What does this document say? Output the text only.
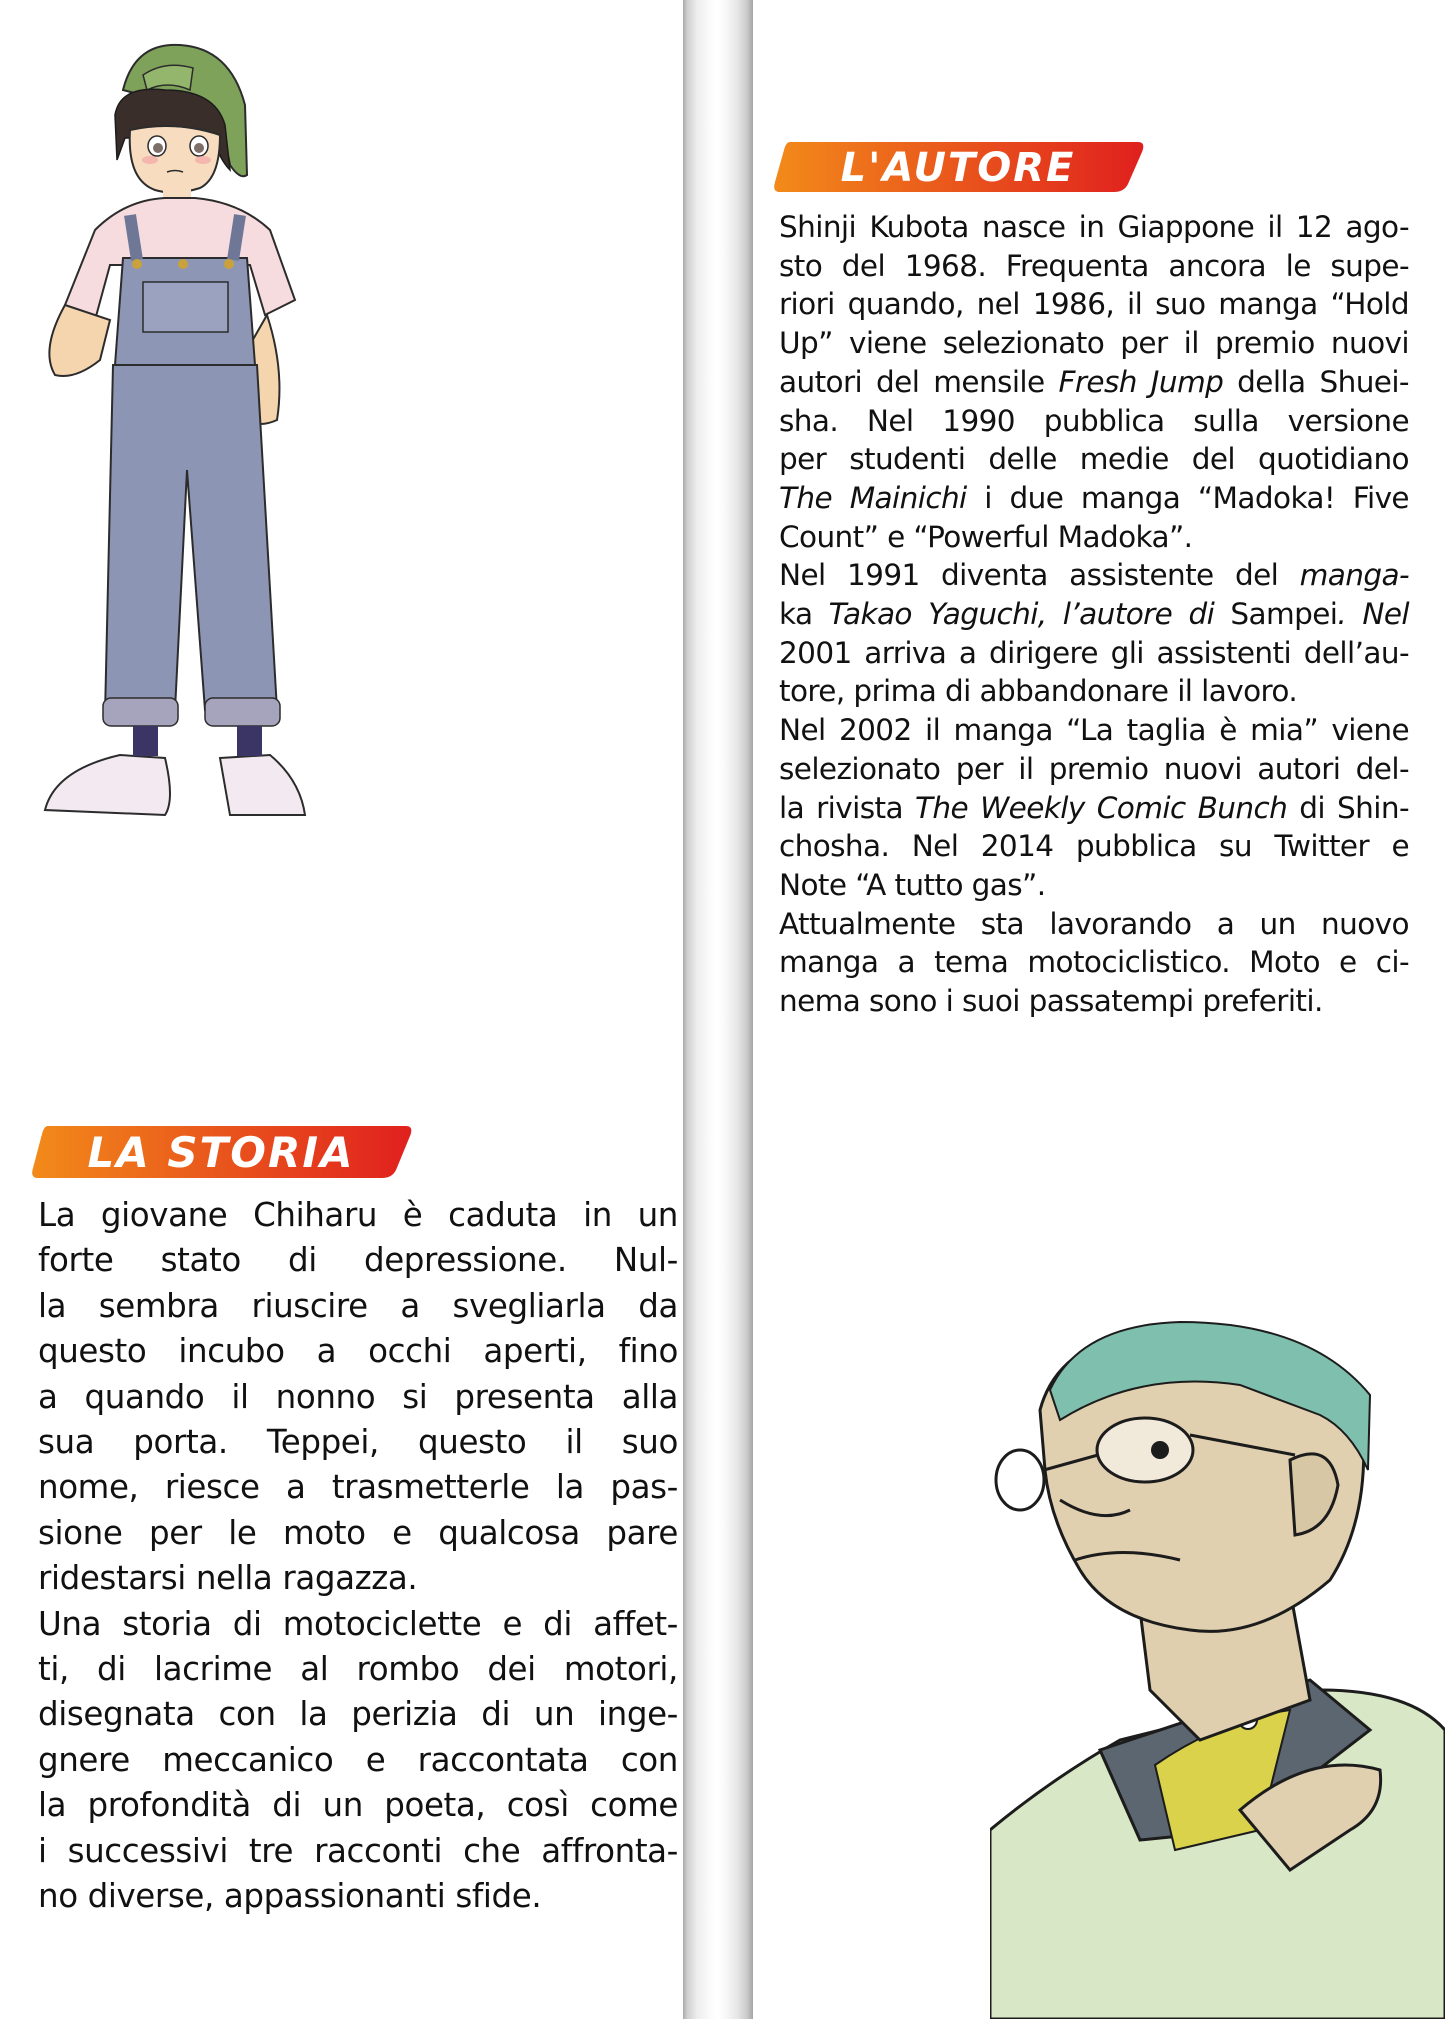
LA STORIA
La giovane Chiharu è caduta in un
forte stato di depressione. Nul-
la sembra riuscire a svegliarla da
questo incubo a occhi aperti, fino
a quando il nonno si presenta alla
sua porta. Teppei, questo il suo
nome, riesce a trasmetterle la pas-
sione per le moto e qualcosa pare
ridestarsi nella ragazza.
Una storia di motociclette e di affet-
ti, di lacrime al rombo dei motori,
disegnata con la perizia di un inge-
gnere meccanico e raccontata con
la profondità di un poeta, così come
i successivi tre racconti che affronta-
no diverse, appassionanti sfide.
L'AUTORE
Shinji Kubota nasce in Giappone il 12 ago-
sto del 1968. Frequenta ancora le supe-
riori quando, nel 1986, il suo manga “Hold
Up” viene selezionato per il premio nuovi
autori del mensile Fresh Jump della Shuei-
sha. Nel 1990 pubblica sulla versione
per studenti delle medie del quotidiano
The Mainichi i due manga “Madoka! Five
Count” e “Powerful Madoka”.
Nel 1991 diventa assistente del manga-
ka Takao Yaguchi, l’autore di Sampei. Nel
2001 arriva a dirigere gli assistenti dell’au-
tore, prima di abbandonare il lavoro.
Nel 2002 il manga “La taglia è mia” viene
selezionato per il premio nuovi autori del-
la rivista The Weekly Comic Bunch di Shin-
chosha. Nel 2014 pubblica su Twitter e
Note “A tutto gas”.
Attualmente sta lavorando a un nuovo
manga a tema motociclistico. Moto e ci-
nema sono i suoi passatempi preferiti.
